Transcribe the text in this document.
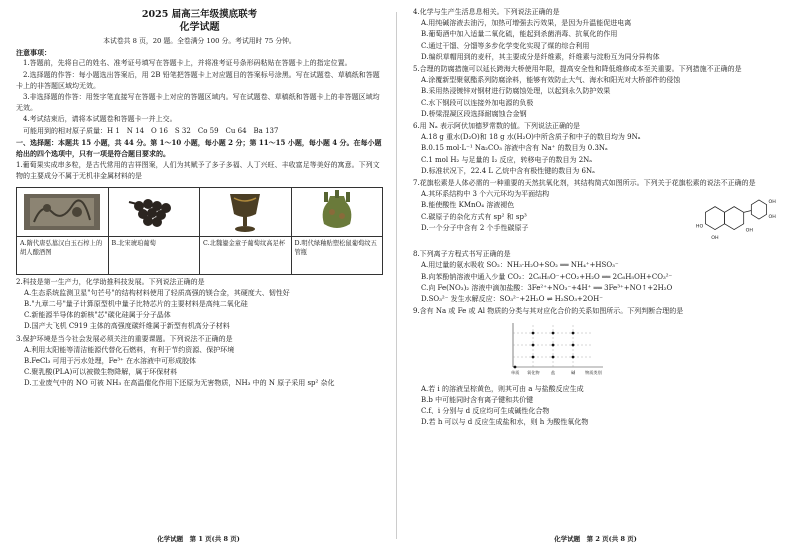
2025 届高三年级摸底联考
化学试题
本试卷共 8 页，20 题。全卷满分 100 分。考试用时 75 分钟。
注意事项：
1.答题前，先将自己的姓名、准考证号填写在答题卡上，并将准考证号条形码粘贴在答题卡上的指定位置。
2.选择题的作答：每小题选出答案后，用 2B 铅笔把答题卡上对应题目的答案标号涂黑。写在试题卷、草稿纸和答题卡上的非答题区域均无效。
3.非选择题的作答：用签字笔直接写在答题卡上对应的答题区域内。写在试题卷、草稿纸和答题卡上的非答题区域均无效。
4.考试结束后，请将本试题卷和答题卡一并上交。
可能用到的相对原子质量：H 1　N 14　O 16　S 32　Co 59　Cu 64　Ba 137
一、选择题：本题共 15 小题，共 44 分。第 1～10 小题，每小题 2 分；第 11～15 小题，每小题 4 分。在每小题给出的四个选项中，只有一项是符合题目要求的。
1.葡萄果实成串多粒，是古代常用的吉祥图案，人们为其赋予了多子多福、人丁兴旺、丰收富足等美好的寓意。下列文物的主要成分不属于无机非金属材料的是
A.隋代唐弘墓汉白玉石椁上的胡人酿酒图
B.北宋琥珀葡萄	C.北魏鎏金童子葡萄纹高足杯	D.明代绿釉贴塑松鼠葡萄纹五管瓶
2.科技是第一生产力，化学助推科技发展。下列说法正确的是
A.生态系统监测卫星"句芒号"的结构材料使用了轻质高强的镁合金，其硬度大、韧性好
B."九章二号"量子计算原型机中量子比特芯片的主要材料是高纯二氧化硅
C.新能源半导体的新核"芯"碳化硅属于分子晶体
D.国产大飞机 C919 主体的高强度碳纤维属于新型有机高分子材料
3.保护环境是当今社会发展必须关注的重要课题。下列说法不正确的是
A.利用太阳能等清洁能源代替化石燃料，有利于节约资源、保护环境
B.FeCl₃ 可用于污水处理，Fe³⁺ 在水溶液中可形成胶体
C.聚乳酸(PLA)可以被微生物降解，属于环保材料
D.工业废气中的 NO 可被 NH₃ 在高温催化作用下还原为无害物质，NH₃ 中的 N 原子采用 sp² 杂化
化学试题　第 1 页(共 8 页)
4.化学与生产生活息息相关。下列说法正确的是
A.用纯碱溶液去油污，加热可增强去污效果，是因为升温能促进电离
B.葡萄酒中加入适量二氧化硫，能起到杀菌消毒、抗氧化的作用
C.通过干馏、分馏等多步化学变化实现了煤的综合利用
D.编织草帽用到的麦秆，其主要成分是纤维素，纤维素与淀粉互为同分异构体
5.合理的防腐措施可以延长跨海大桥使用年限，提高安全性和降低维修成本至关重要。下列措施不正确的是
A.涂覆新型聚氨酯系列防腐涂料，能够有效防止大气、海水和阳光对大桥部件的侵蚀
B.采用热浸镀锌对钢材进行防腐蚀处理，以起到永久防护效果
C.水下钢段可以连接外加电源的负极
D.桥梁混凝区段选择耐腐蚀合金钢
6.用 Nₐ 表示阿伏加德罗常数的值。下列说法正确的是
A.18 g 重水(D₂O)和 18 g 水(H₂O)中所含质子和中子的数目均为 9Nₐ
B.0.15 mol·L⁻¹ Na₂CO₃ 溶液中含有 Na⁺ 的数目为 0.3Nₐ
C.1 mol H₂ 与足量的 I₂ 反应，转移电子的数目为 2Nₐ
D.标准状况下，22.4 L 乙烷中含有极性键的数目为 6Nₐ
7.花旗松素是人体必需的一种重要的天然抗氧化剂，其结构简式如图所示。下列关于花旗松素的说法不正确的是
HO
OH
OH
OH
OH
A.其环系结构中 3 个六元环均为平面结构
B.能使酸性 KMnO₄ 溶液褪色
C.碳原子的杂化方式有 sp² 和 sp³
D.一个分子中含有 2 个手性碳原子
8.下列离子方程式书写正确的是
A.用过量的氨水吸收 SO₂：NH₃·H₂O+SO₂ ══ NH₄⁺+HSO₃⁻
B.向苯酚钠溶液中通入少量 CO₂：2C₆H₅O⁻+CO₂+H₂O ══ 2C₆H₅OH+CO₃²⁻
C.向 Fe(NO₃)₂ 溶液中滴加盐酸：3Fe²⁺+NO₃⁻+4H⁺ ══ 3Fe³⁺+NO↑+2H₂O
D.SO₃²⁻ 发生水解反应：SO₃²⁻+2H₂O ⇌ H₂SO₃+2OH⁻
9.含有 Na 或 Fe 或 Al 物质的分类与其对应化合价的关系如图所示。下列判断合理的是
单质 氧化物	盐	碱 物质类别
A.若 i 的溶液呈棕黄色，则其可由 a 与盐酸反应生成
B.b 中可能同时含有离子键和共价键
C.f、i 分别与 d 反应均可生成碱性化合物
D.若 h 可以与 d 反应生成盐和水，则 h 为酸性氧化物
化学试题　第 2 页(共 8 页)
